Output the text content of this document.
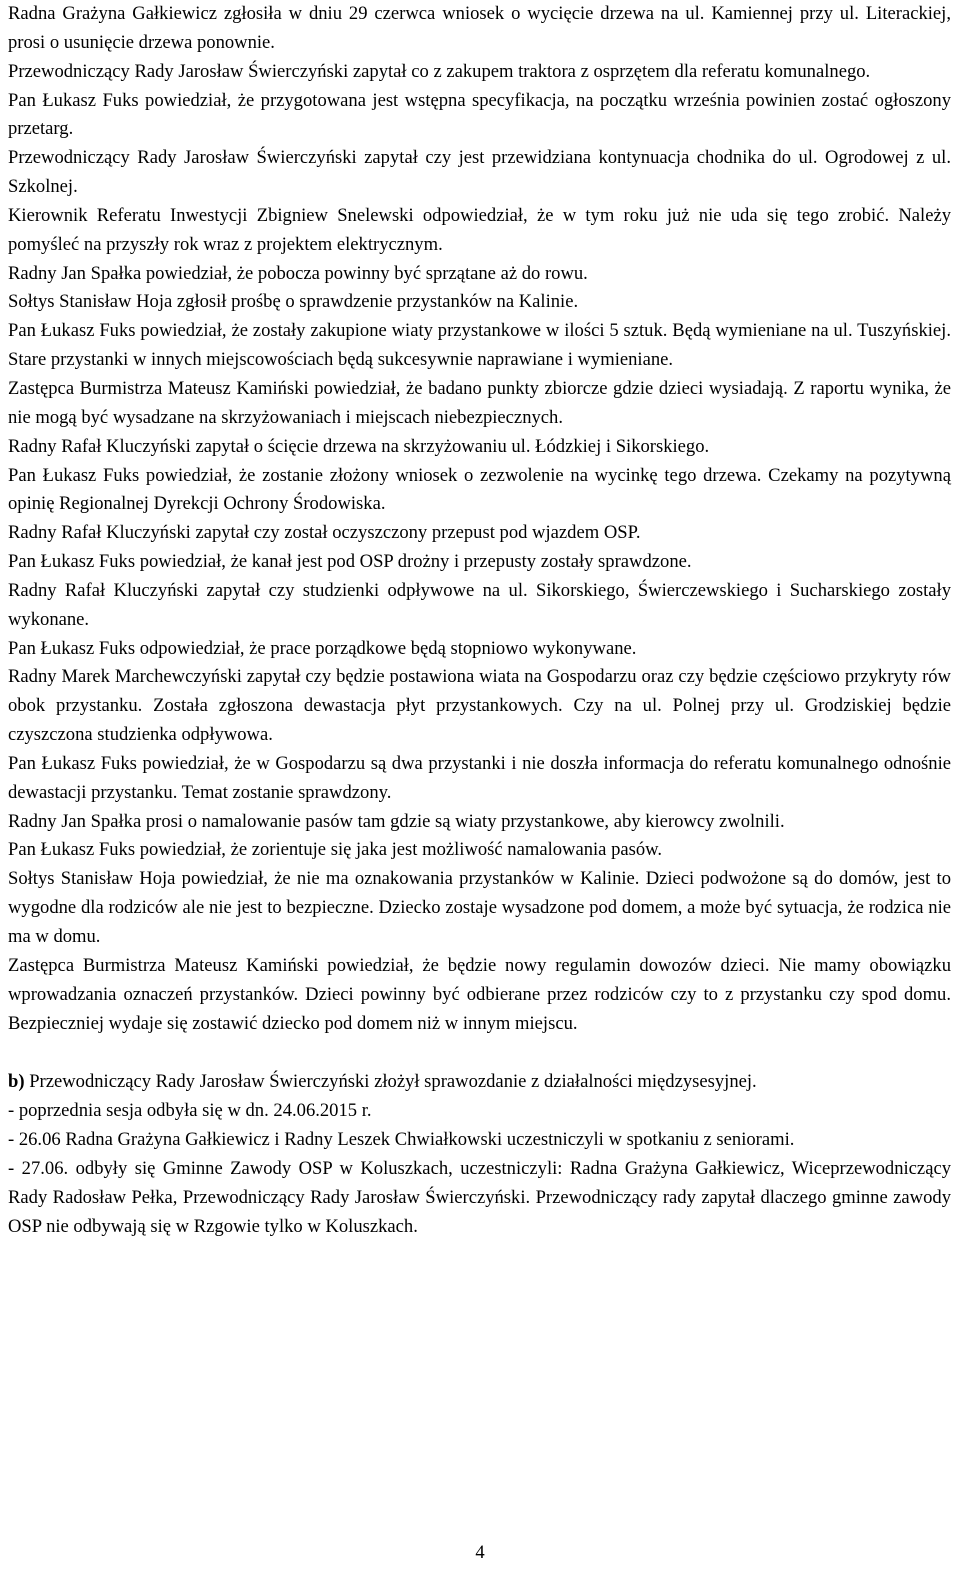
Radna Grażyna Gałkiewicz zgłosiła w dniu 29 czerwca wniosek o wycięcie drzewa na ul. Kamiennej przy ul. Literackiej, prosi o usunięcie drzewa ponownie.

Przewodniczący Rady Jarosław Świerczyński zapytał co z zakupem traktora z osprzętem dla referatu komunalnego.

Pan Łukasz Fuks powiedział, że przygotowana jest wstępna specyfikacja, na początku września powinien zostać ogłoszony przetarg.

Przewodniczący Rady Jarosław Świerczyński zapytał czy jest przewidziana kontynuacja chodnika do ul. Ogrodowej z ul. Szkolnej.

Kierownik Referatu Inwestycji Zbigniew Snelewski odpowiedział, że w tym roku już nie uda się tego zrobić. Należy pomyśleć na przyszły rok wraz z projektem elektrycznym.

Radny Jan Spałka powiedział, że pobocza powinny być sprzątane aż do rowu.

Sołtys Stanisław Hoja zgłosił prośbę o sprawdzenie przystanków na Kalinie.

Pan Łukasz Fuks powiedział, że zostały zakupione wiaty przystankowe w ilości 5 sztuk. Będą wymieniane na ul. Tuszyńskiej. Stare przystanki w innych miejscowościach będą sukcesywnie naprawiane i wymieniane.

Zastępca Burmistrza Mateusz Kamiński powiedział, że badano punkty zbiorcze gdzie dzieci wysiadają. Z raportu wynika, że nie mogą być wysadzane na skrzyżowaniach i miejscach niebezpiecznych.

Radny Rafał Kluczyński zapytał o ścięcie drzewa na skrzyżowaniu ul. Łódzkiej i Sikorskiego.

Pan Łukasz Fuks powiedział, że zostanie złożony wniosek o zezwolenie na wycinkę tego drzewa. Czekamy na pozytywną opinię Regionalnej Dyrekcji Ochrony Środowiska.

Radny Rafał Kluczyński zapytał czy został oczyszczony przepust pod wjazdem OSP.

Pan Łukasz Fuks powiedział, że kanał jest pod OSP drożny i przepusty zostały sprawdzone.

Radny Rafał Kluczyński zapytał czy studzienki odpływowe na ul. Sikorskiego, Świerczewskiego i Sucharskiego zostały wykonane.

Pan Łukasz Fuks odpowiedział, że prace porządkowe będą stopniowo wykonywane.

Radny Marek Marchewczyński zapytał czy będzie postawiona wiata na Gospodarzu oraz czy będzie częściowo przykryty rów obok przystanku. Została zgłoszona dewastacja płyt przystankowych. Czy na ul. Polnej przy ul. Grodziskiej będzie czyszczona studzienka odpływowa.

Pan Łukasz Fuks powiedział, że w Gospodarzu są dwa przystanki i nie doszła informacja do referatu komunalnego odnośnie dewastacji przystanku. Temat zostanie sprawdzony.

Radny Jan Spałka prosi o namalowanie pasów tam gdzie są wiaty przystankowe, aby kierowcy zwolnili.

Pan Łukasz Fuks powiedział, że zorientuje się jaka jest możliwość namalowania pasów.

Sołtys Stanisław Hoja powiedział, że nie ma oznakowania przystanków w Kalinie. Dzieci podwożone są do domów, jest to wygodne dla rodziców ale nie jest to bezpieczne. Dziecko zostaje wysadzone pod domem, a może być sytuacja, że rodzica nie ma w domu.

Zastępca Burmistrza Mateusz Kamiński powiedział, że będzie nowy regulamin dowozów dzieci. Nie mamy obowiązku wprowadzania oznaczeń przystanków. Dzieci powinny być odbierane przez rodziców czy to z przystanku czy spod domu. Bezpieczniej wydaje się zostawić dziecko pod domem niż w innym miejscu.

b) Przewodniczący Rady Jarosław Świerczyński złożył sprawozdanie z działalności międzysesyjnej.

- poprzednia sesja odbyła się w dn. 24.06.2015 r.

- 26.06 Radna Grażyna Gałkiewicz i Radny Leszek Chwiałkowski uczestniczyli w spotkaniu z seniorami.

- 27.06. odbyły się Gminne Zawody OSP w Koluszkach, uczestniczyli: Radna Grażyna Gałkiewicz, Wiceprzewodniczący Rady Radosław Pełka, Przewodniczący Rady Jarosław Świerczyński. Przewodniczący rady zapytał dlaczego gminne zawody OSP nie odbywają się w Rzgowie tylko w Koluszkach.

4
